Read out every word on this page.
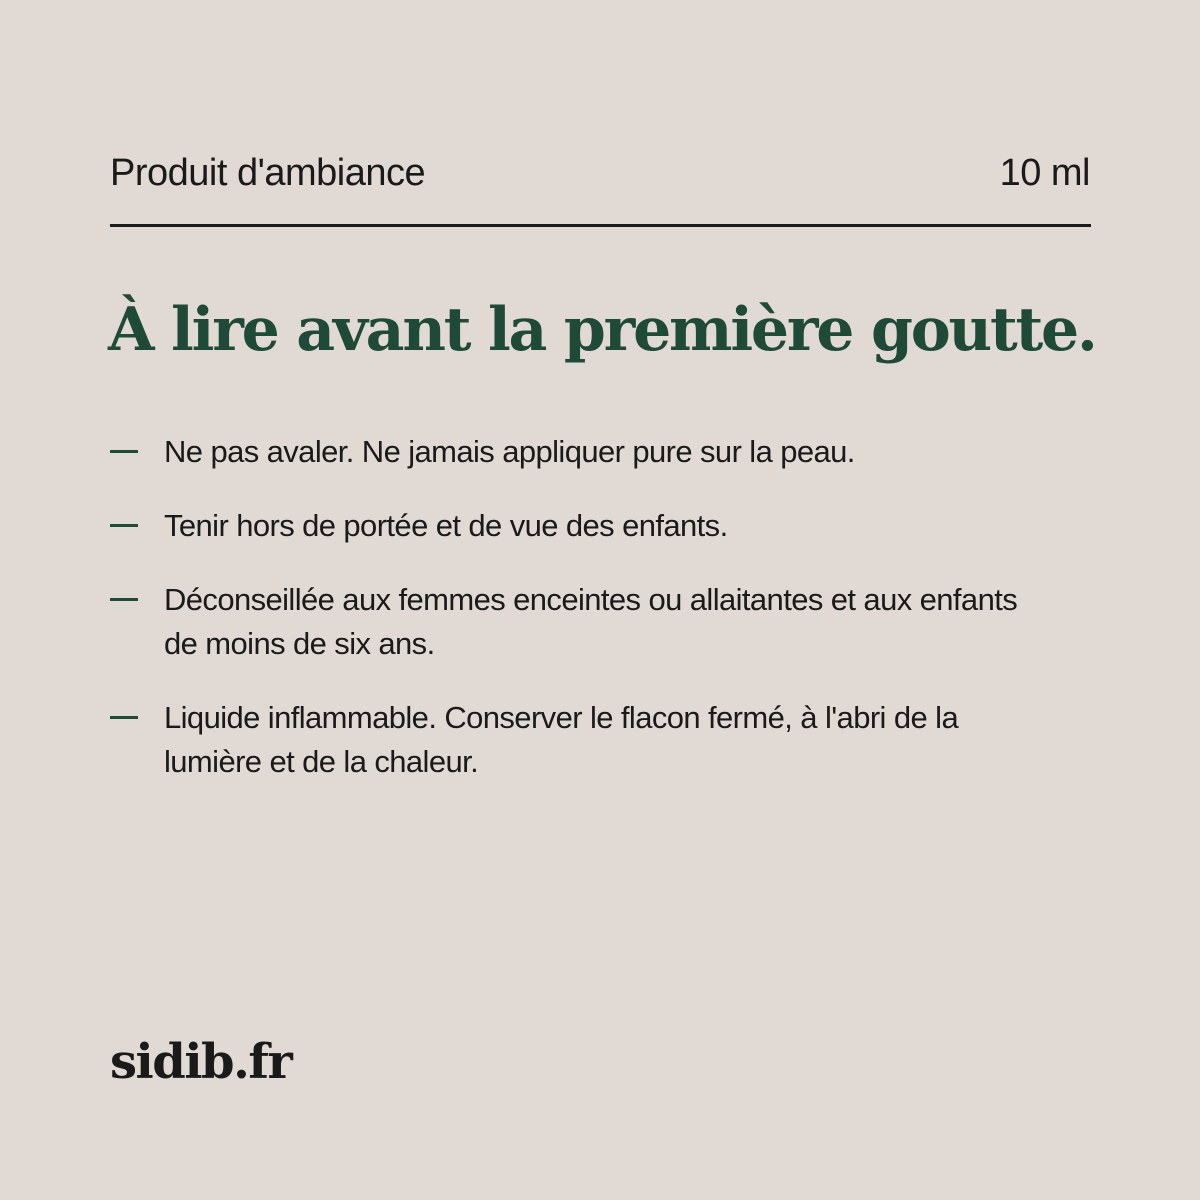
Produit d'ambiance	10 ml
À lire avant la première goutte.
Ne pas avaler. Ne jamais appliquer pure sur la peau.
Tenir hors de portée et de vue des enfants.
Déconseillée aux femmes enceintes ou allaitantes et aux enfants de moins de six ans.
Liquide inflammable. Conserver le flacon fermé, à l'abri de la lumière et de la chaleur.
sidib.fr
